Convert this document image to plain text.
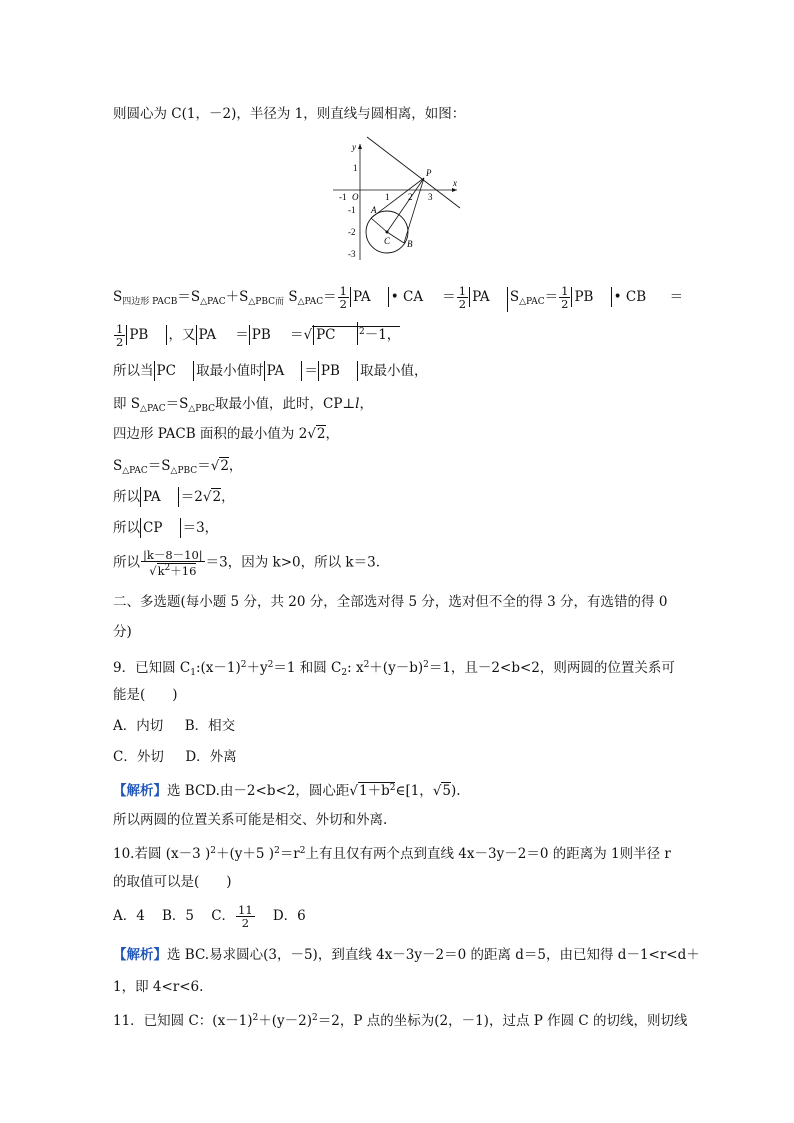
则圆心为 C(1，－2)，半径为 1，则直线与圆相离，如图：
y
x
O
-1	1 2 3
1
-1
-2
-3
P
A
B
C
$S_{四边形 PACB}=S_{\triangle PAC}+S_{\triangle PBC而}$ $S_{\triangle PAC}= \frac{1}{2}$ PA • CA ＝ $\frac{1}{2}$ PA $S_{\triangle PAC}= \frac{1}{2}$ PB • CB ＝
$\frac{1}{2}$ PB ，又 PA ＝ PB ＝√ PC	$^2$－1，
所以当 PC 取最小值时 PA ＝ PB 取最小值，
即 $S_{\triangle PAC}=S_{\triangle PBC}$取最小值，此时，CP⊥l，
四边形 PACB 面积的最小值为 2√2，
$S_{\triangle PAC}=S_{\triangle PBC}=√2$，
所以 PA ＝2√2，
所以 CP ＝3，
所以 $\frac{|k-8-10|}{√k^2+16} =3$，因为 k>0，所以 k＝3.
二、多选题(每小题 5 分，共 20 分，全部选对得 5 分，选对但不全的得 3 分，有选错的得 0
分)
9．已知圆 $C_1:(x-1)^2+y^2=1$ 和圆 $C_2$: $x^2+(y-b)^2=1$，且－2<b<2，则两圆的位置关系可
能是(　　)
A．内切 B．相交
C．外切 D．外离
【解析】选 BCD.由－2<b<2，圆心距$√1+b^2\in[1$，√5).
所以两圆的位置关系可能是相交、外切和外离.
10.若圆 (x－3 )$^2$＋(y＋5 )$^2=r^2$上有且仅有两个点到直线 4x－3y－2＝0 的距离为 1则半径 r
的取值可以是(　　)
A．4 B．5 C． $\frac{11}{2}$ D．6
【解析】选 BC.易求圆心(3，－5)，到直线 4x－3y－2＝0 的距离 d＝5，由已知得 d－1<r<d＋
1，即 4<r<6.
11．已知圆 C：$(x-1)^2+(y-2)^2=2$，P 点的坐标为(2，－1)，过点 P 作圆 C 的切线，则切线
